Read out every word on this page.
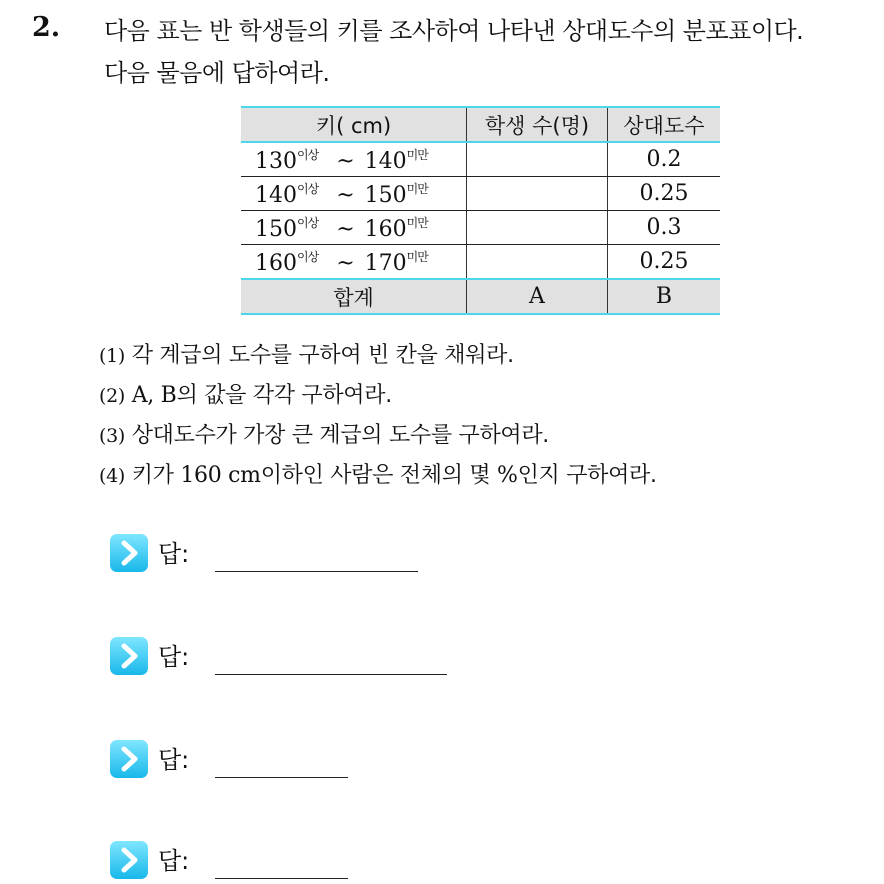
2. 다음 표는 반 학생들의 키를 조사하여 나타낸 상대도수의 분포표이다.
다음 물음에 답하여라.
키( cm)	학생 수(명)	상대도수
$130^{이상}$ ~ $140^{미만}$		0.2
$140^{이상}$ ~ $150^{미만}$		0.25
$150^{이상}$ ~ $160^{미만}$		0.3
$160^{이상}$ ~ $170^{미만}$		0.25
합계	A	B
(1) 각 계급의 도수를 구하여 빈 칸을 채워라.
(2) A, B의 값을 각각 구하여라.
(3) 상대도수가 가장 큰 계급의 도수를 구하여라.
(4) 키가 160 cm이하인 사람은 전체의 몇 %인지 구하여라.
답:
답:
답:
답:
